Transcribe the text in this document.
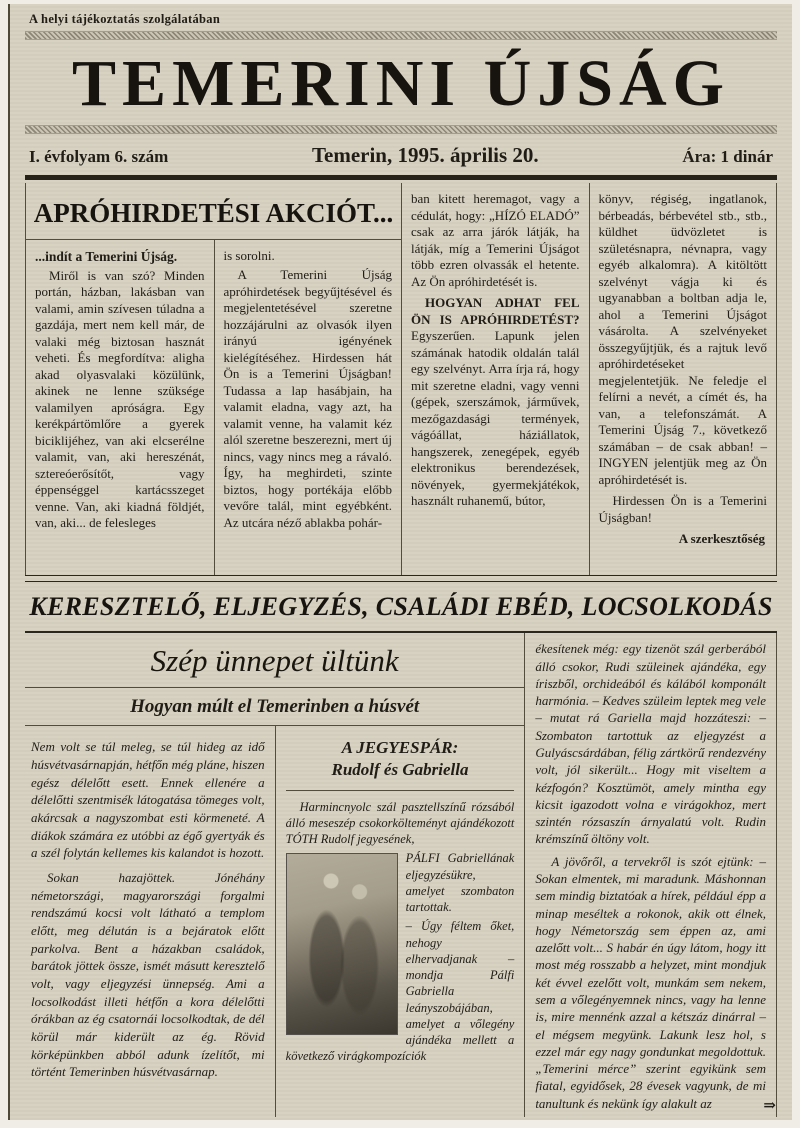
A helyi tájékoztatás szolgálatában
TEMERINI ÚJSÁG
I. évfolyam 6. szám	Temerin, 1995. április 20.	Ára: 1 dinár
APRÓHIRDETÉSI AKCIÓT...

...indít a Temerini Újság.

Miről is van szó? Minden portán, házban, lakásban van valami, amin szívesen túladna a gazdája, mert nem kell már, de valaki még biztosan hasznát veheti. És megfordítva: aligha akad olyasvalaki közülünk, akinek ne lenne szüksége valamilyen apróságra. Egy kerékpártömlőre a gyerek biciklijéhez, van aki elcserélne valamit, van, aki hereszénát, sztereóerősítőt, vagy éppenséggel kartácsszeget venne. Van, aki kiadná földjét, van, aki... de felesleges

is sorolni.

A Temerini Újság apróhirdetések begyűjtésével és megjelentetésével szeretne hozzájárulni az olvasók ilyen irányú igényének kielégítéséhez. Hirdessen hát Ön is a Temerini Újságban! Tudassa a lap hasábjain, ha valamit eladna, vagy azt, ha valamit venne, ha valamit kéz alól szeretne beszerezni, mert új nincs, vagy nincs meg a rávaló. Így, ha meghirdeti, szinte biztos, hogy portékája előbb vevőre talál, mint egyébként. Az utcára néző ablakba pohár-

ban kitett heremagot, vagy a cédulát, hogy: „HÍZÓ ELADÓ” csak az arra járók látják, ha látják, míg a Temerini Újságot több ezren olvassák el hetente. Az Ön apróhirdetését is.

HOGYAN ADHAT FEL ÖN IS APRÓHIRDETÉST? Egyszerűen. Lapunk jelen számának hatodik oldalán talál egy szelvényt. Arra írja rá, hogy mit szeretne eladni, vagy venni (gépek, szerszámok, járművek, mezőgazdasági termények, vágóállat, háziállatok, hangszerek, zenegépek, egyéb elektronikus berendezések, növények, gyermekjátékok, használt ruhanemű, bútor,

könyv, régiség, ingatlanok, bérbeadás, bérbevétel stb., stb., küldhet üdvözletet is születésnapra, névnapra, vagy egyéb alkalomra). A kitöltött szelvényt vágja ki és ugyanabban a boltban adja le, ahol a Temerini Újságot vásárolta. A szelvényeket összegyűjtjük, és a rajtuk levő apróhirdetéseket megjelentetjük. Ne feledje el felírni a nevét, a címét és, ha van, a telefonszámát. A Temerini Újság 7., következő számában – de csak abban! – INGYEN jelentjük meg az Ön apróhirdetését is.

Hirdessen Ön is a Temerini Újságban!

A szerkesztőség

KERESZTELŐ, ELJEGYZÉS, CSALÁDI EBÉD, LOCSOLKODÁS
Szép ünnepet ültünk
Hogyan múlt el Temerinben a húsvét

Nem volt se túl meleg, se túl hideg az idő húsvétvasárnapján, hétfőn még pláne, hiszen egész délelőtt esett. Ennek ellenére a délelőtti szentmisék látogatása tömeges volt, akárcsak a nagyszombat esti körmeneté. A diákok számára ez utóbbi az égő gyertyák és a szél folytán kellemes kis kalandot is hozott.

Sokan hazajöttek. Jónéhány németországi, magyarországi forgalmi rendszámú kocsi volt látható a templom előtt, meg délután is a bejáratok előtt parkolva. Bent a házakban családok, barátok jöttek össze, ismét másutt keresztelő volt, vagy eljegyzési ünnepség. Ami a locsolkodást illeti hétfőn a kora délelőtti órákban az ég csatornái locsolkodtak, de dél körül már kiderült az ég. Rövid körképünkben abból adunk ízelítőt, mi történt Temerinben húsvétvasárnap.

A JEGYESPÁR:
Rudolf és Gabriella

Harmincnyolc szál pasztellszínű rózsából álló meseszép csokorkölteményt ajándékozott TÓTH Rudolf jegyesének,

PÁLFI Gabriellának eljegyzésükre, amelyet szombaton tartottak.

– Úgy féltem őket, nehogy elhervadjanak – mondja Pálfi Gabriella leányszobájában, amelyet a vőlegény ajándéka mellett a következő virágkompozíciók

ékesítenek még: egy tizenöt szál gerberából álló csokor, Rudi szüleinek ajándéka, egy íriszből, orchideából és kálából komponált harmónia. – Kedves szüleim leptek meg vele – mutat rá Gariella majd hozzáteszi: – Szombaton tartottuk az eljegyzést a Gulyáscsárdában, félig zártkörű rendezvény volt, jól sikerült... Hogy mit viseltem a kézfogón? Kosztümöt, amely mintha egy kicsit igazodott volna e virágokhoz, mert szintén rózsaszín árnyalatú volt. Rudin krémszínű öltöny volt.

A jövőről, a tervekről is szót ejtünk: – Sokan elmentek, mi maradunk. Máshonnan sem mindig biztatóak a hírek, például épp a minap meséltek a rokonok, akik ott élnek, hogy Németország sem éppen az, ami azelőtt volt... S habár én úgy látom, hogy itt most még rosszabb a helyzet, mint mondjuk két évvel ezelőtt volt, munkám sem nekem, sem a vőlegényemnek nincs, vagy ha lenne is, mire mennénk azzal a kétszáz dinárral – el mégsem megyünk. Lakunk lesz hol, s ezzel már egy nagy gondunkat megoldottuk. „Temerini mérce” szerint egyikünk sem fiatal, egyidősek, 28 évesek vagyunk, de mi tanultunk és nekünk így alakult az	⇒
